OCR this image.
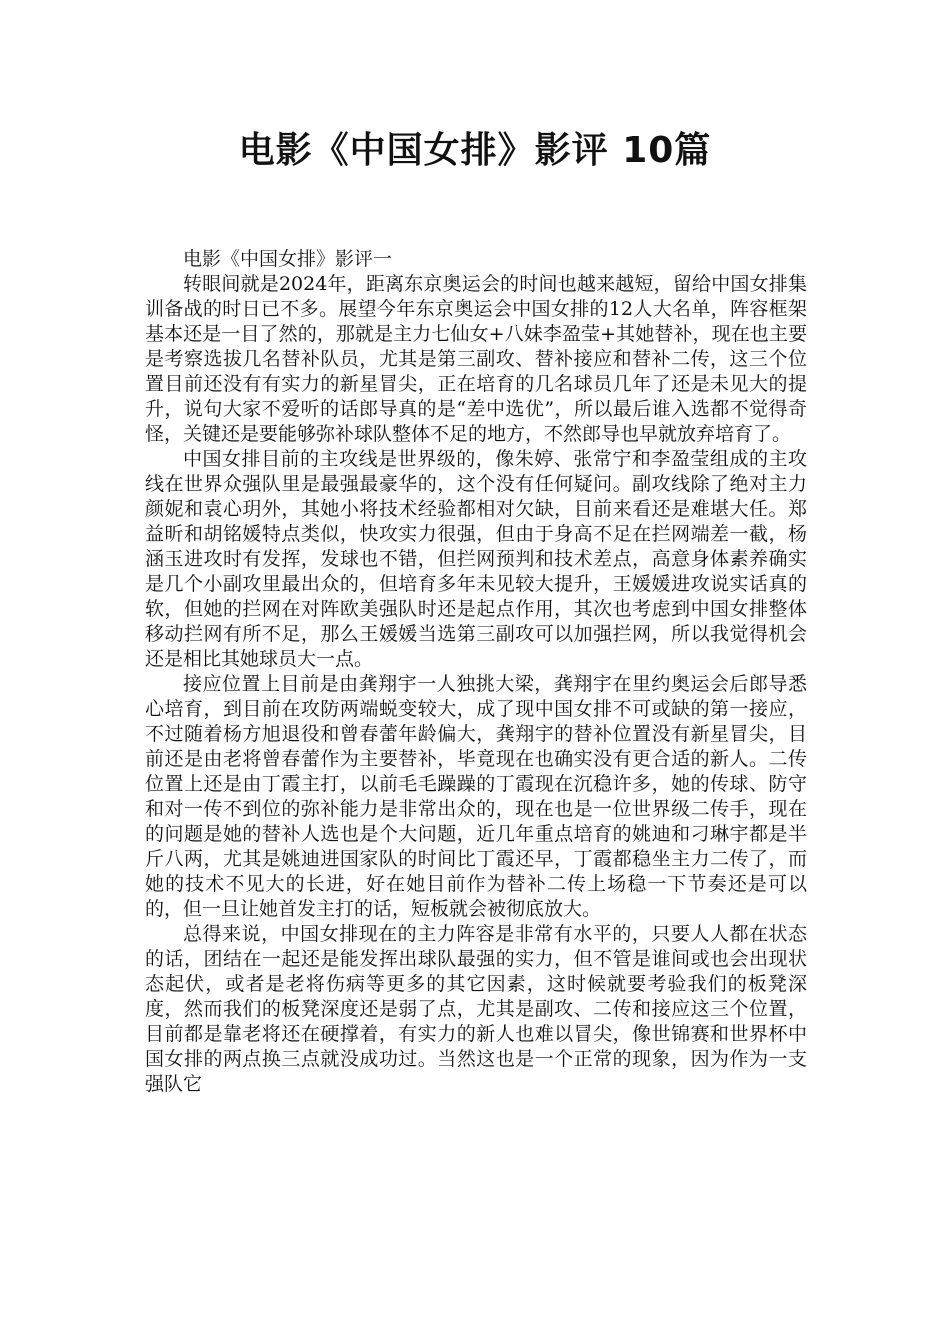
电影《中国女排》影评 10篇
电影《中国女排》影评一

转眼间就是2024年，距离东京奥运会的时间也越来越短，留给中国女排集训备战的时日已不多。展望今年东京奥运会中国女排的12人大名单，阵容框架基本还是一目了然的，那就是主力七仙女+八妹李盈莹+其她替补，现在也主要是考察选拔几名替补队员，尤其是第三副攻、替补接应和替补二传，这三个位置目前还没有有实力的新星冒尖，正在培育的几名球员几年了还是未见大的提升，说句大家不爱听的话郎导真的是“差中选优”，所以最后谁入选都不觉得奇怪，关键还是要能够弥补球队整体不足的地方，不然郎导也早就放弃培育了。

中国女排目前的主攻线是世界级的，像朱婷、张常宁和李盈莹组成的主攻线在世界众强队里是最强最豪华的，这个没有任何疑问。副攻线除了绝对主力颜妮和袁心玥外，其她小将技术经验都相对欠缺，目前来看还是难堪大任。郑益昕和胡铭媛特点类似，快攻实力很强，但由于身高不足在拦网端差一截，杨涵玉进攻时有发挥，发球也不错，但拦网预判和技术差点，高意身体素养确实是几个小副攻里最出众的，但培育多年未见较大提升，王媛媛进攻说实话真的软，但她的拦网在对阵欧美强队时还是起点作用，其次也考虑到中国女排整体移动拦网有所不足，那么王媛媛当选第三副攻可以加强拦网，所以我觉得机会还是相比其她球员大一点。

接应位置上目前是由龚翔宇一人独挑大梁，龚翔宇在里约奥运会后郎导悉心培育，到目前在攻防两端蜕变较大，成了现中国女排不可或缺的第一接应，不过随着杨方旭退役和曾春蕾年龄偏大，龚翔宇的替补位置没有新星冒尖，目前还是由老将曾春蕾作为主要替补，毕竟现在也确实没有更合适的新人。二传位置上还是由丁霞主打，以前毛毛躁躁的丁霞现在沉稳许多，她的传球、防守和对一传不到位的弥补能力是非常出众的，现在也是一位世界级二传手，现在的问题是她的替补人选也是个大问题，近几年重点培育的姚迪和刁琳宇都是半斤八两，尤其是姚迪进国家队的时间比丁霞还早，丁霞都稳坐主力二传了，而她的技术不见大的长进，好在她目前作为替补二传上场稳一下节奏还是可以的，但一旦让她首发主打的话，短板就会被彻底放大。

总得来说，中国女排现在的主力阵容是非常有水平的，只要人人都在状态的话，团结在一起还是能发挥出球队最强的实力，但不管是谁间或也会出现状态起伏，或者是老将伤病等更多的其它因素，这时候就要考验我们的板凳深度，然而我们的板凳深度还是弱了点，尤其是副攻、二传和接应这三个位置，目前都是靠老将还在硬撑着，有实力的新人也难以冒尖，像世锦赛和世界杯中国女排的两点换三点就没成功过。当然这也是一个正常的现象，因为作为一支强队它
